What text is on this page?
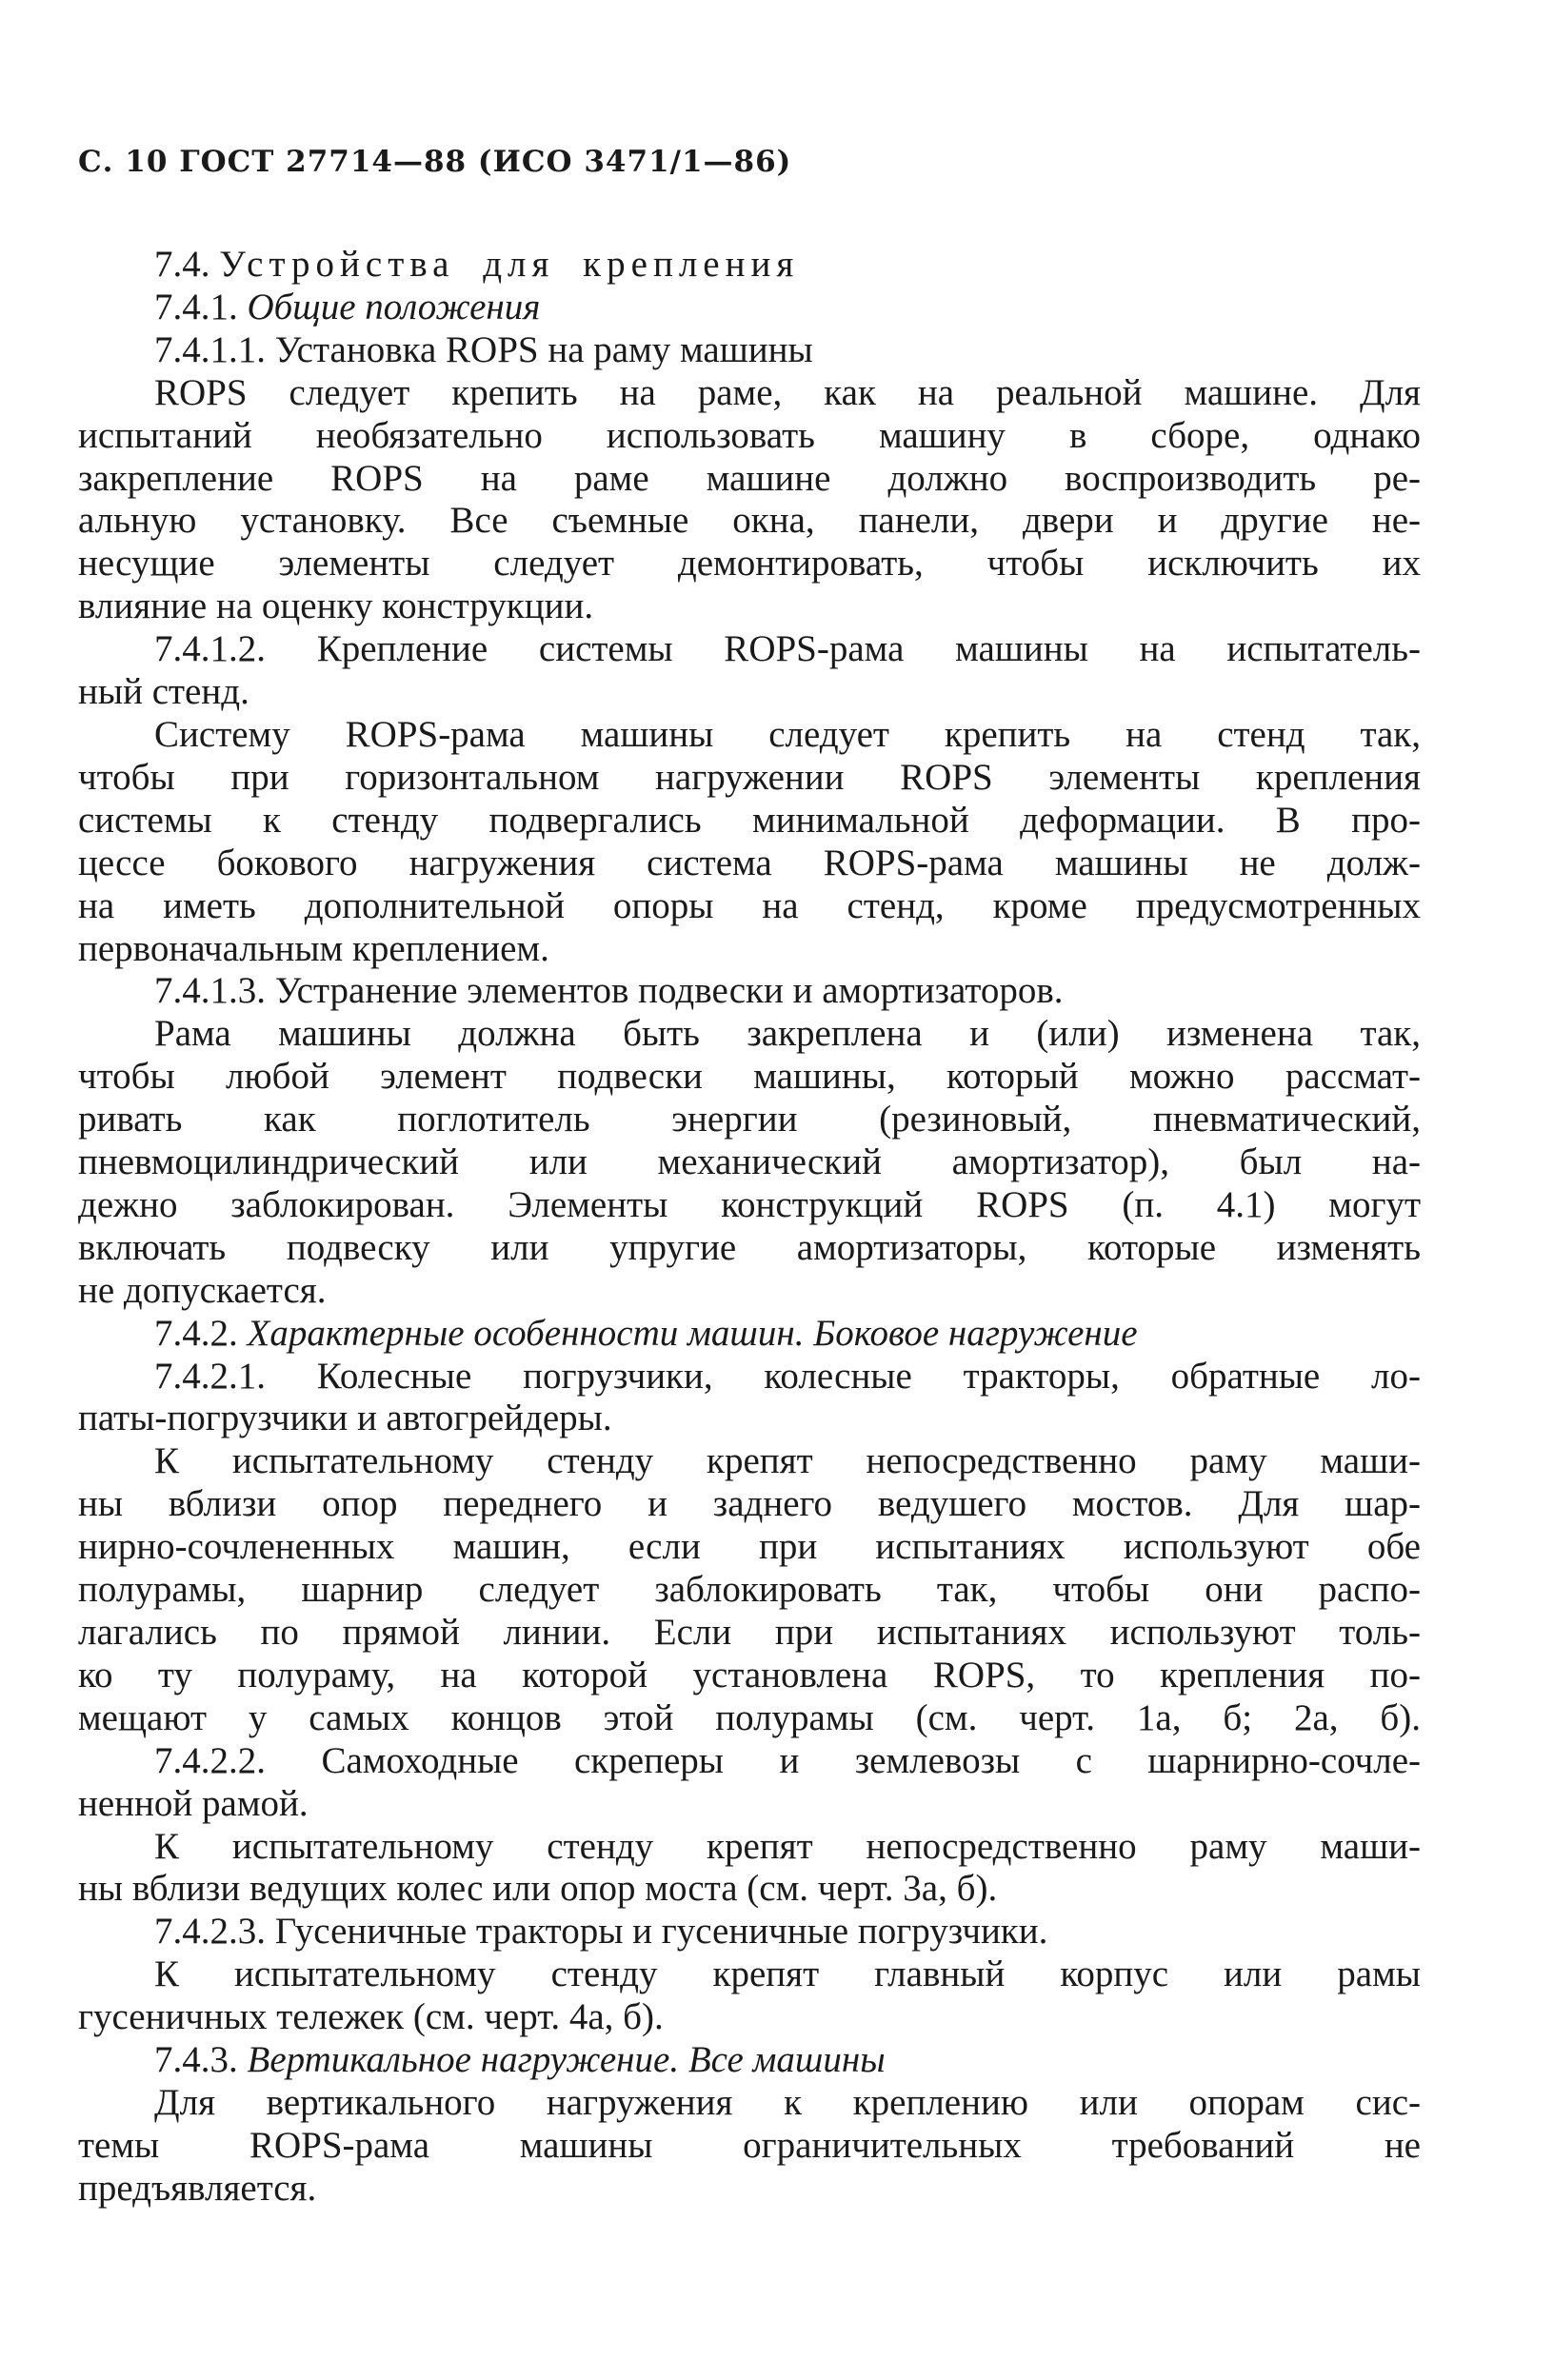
С. 10 ГОСТ 27714—88 (ИСО 3471/1—86)
7.4. Устройства для крепления
7.4.1. Общие положения
7.4.1.1. Установка ROPS на раму машины
ROPS следует крепить на раме, как на реальной машине. Для
испытаний необязательно использовать машину в сборе, однако
закрепление ROPS на раме машине должно воспроизводить ре-
альную установку. Все съемные окна, панели, двери и другие не-
несущие элементы следует демонтировать, чтобы исключить их
влияние на оценку конструкции.
7.4.1.2. Крепление системы ROPS-рама машины на испытатель-
ный стенд.
Систему ROPS-рама машины следует крепить на стенд так,
чтобы при горизонтальном нагружении ROPS элементы крепления
системы к стенду подвергались минимальной деформации. В про-
цессе бокового нагружения система ROPS-рама машины не долж-
на иметь дополнительной опоры на стенд, кроме предусмотренных
первоначальным креплением.
7.4.1.3. Устранение элементов подвески и амортизаторов.
Рама машины должна быть закреплена и (или) изменена так,
чтобы любой элемент подвески машины, который можно рассмат-
ривать как поглотитель энергии (резиновый, пневматический,
пневмоцилиндрический или механический амортизатор), был на-
дежно заблокирован. Элементы конструкций ROPS (п. 4.1) могут
включать подвеску или упругие амортизаторы, которые изменять
не допускается.
7.4.2. Характерные особенности машин. Боковое нагружение
7.4.2.1. Колесные погрузчики, колесные тракторы, обратные ло-
паты-погрузчики и автогрейдеры.
К испытательному стенду крепят непосредственно раму маши-
ны вблизи опор переднего и заднего ведушего мостов. Для шар-
нирно-сочлененных машин, если при испытаниях используют обе
полурамы, шарнир следует заблокировать так, чтобы они распо-
лагались по прямой линии. Если при испытаниях используют толь-
ко ту полураму, на которой установлена ROPS, то крепления по-
мещают у самых концов этой полурамы (см. черт. 1а, б; 2а, б).
7.4.2.2. Самоходные скреперы и землевозы с шарнирно-сочле-
ненной рамой.
К испытательному стенду крепят непосредственно раму маши-
ны вблизи ведущих колес или опор моста (см. черт. 3а, б).
7.4.2.3. Гусеничные тракторы и гусеничные погрузчики.
К испытательному стенду крепят главный корпус или рамы
гусеничных тележек (см. черт. 4а, б).
7.4.3. Вертикальное нагружение. Все машины
Для вертикального нагружения к креплению или опорам сис-
темы ROPS-рама машины ограничительных требований не
предъявляется.
